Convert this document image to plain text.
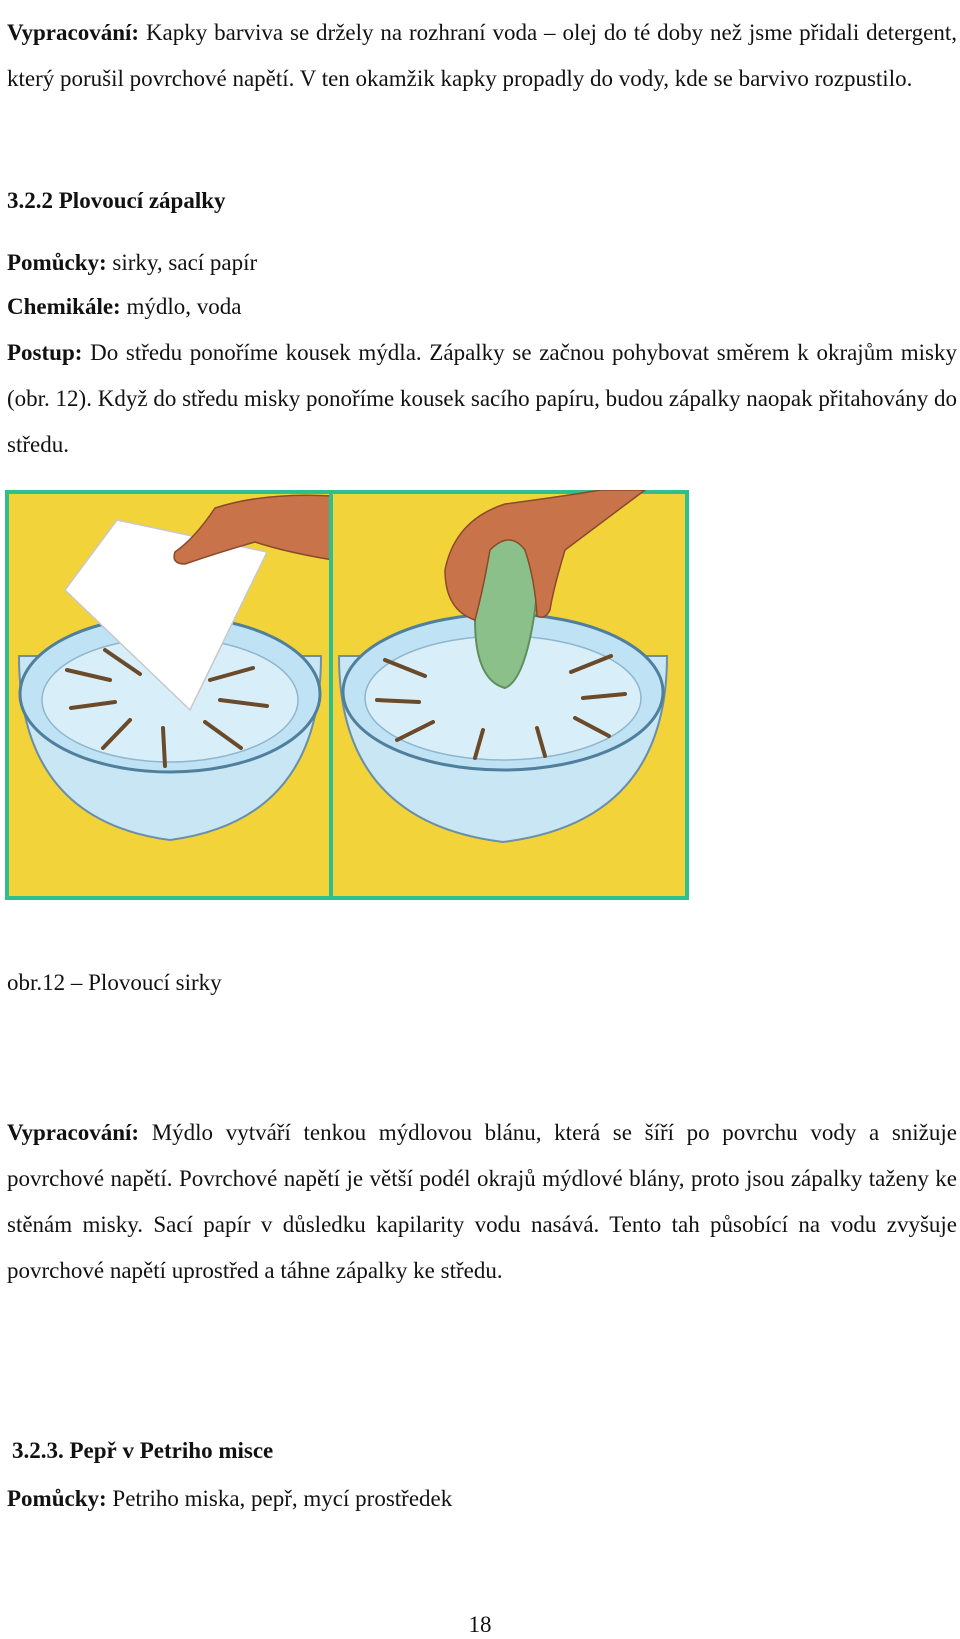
Vypracování: Kapky barviva se držely na rozhraní voda – olej do té doby než jsme přidali detergent, který porušil povrchové napětí. V ten okamžik kapky propadly do vody, kde se barvivo rozpustilo.

3.2.2 Plovoucí zápalky

Pomůcky: sirky, sací papír

Chemikále: mýdlo, voda

Postup: Do středu ponoříme kousek mýdla. Zápalky se začnou pohybovat směrem k okrajům misky (obr. 12). Když do středu misky ponoříme kousek sacího papíru, budou zápalky naopak přitahovány do středu.

obr.12 – Plovoucí sirky

Vypracování: Mýdlo vytváří tenkou mýdlovou blánu, která se šíří po povrchu vody a snižuje povrchové napětí. Povrchové napětí je větší podél okrajů mýdlové blány, proto jsou zápalky taženy ke stěnám misky. Sací papír v důsledku kapilarity vodu nasává. Tento tah působící na vodu zvyšuje povrchové napětí uprostřed a táhne zápalky ke středu.

3.2.3. Pepř v Petriho misce

Pomůcky: Petriho miska, pepř, mycí prostředek

18
